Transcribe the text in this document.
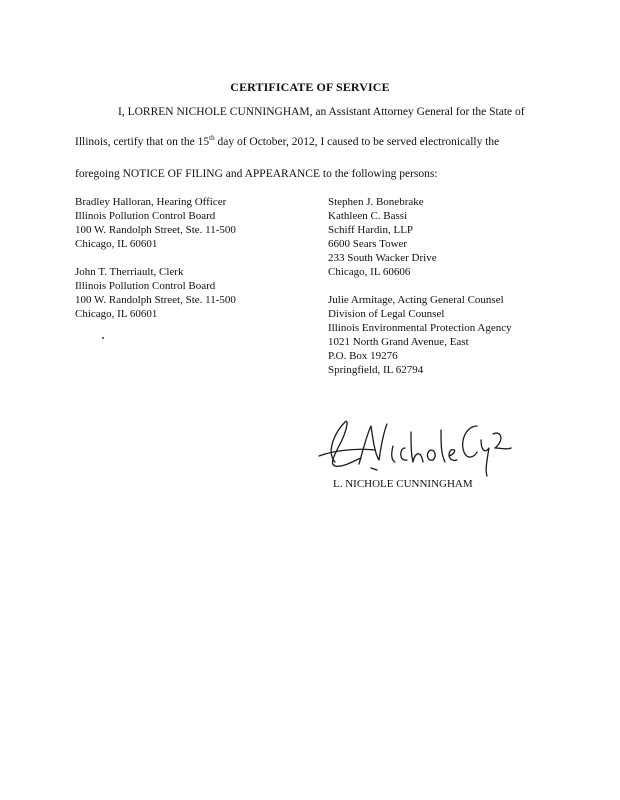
CERTIFICATE OF SERVICE
I, LORREN NICHOLE CUNNINGHAM, an Assistant Attorney General for the State of
Illinois, certify that on the 15th day of October, 2012, I caused to be served electronically the
foregoing NOTICE OF FILING and APPEARANCE to the following persons:
Bradley Halloran, Hearing Officer
Illinois Pollution Control Board
100 W. Randolph Street, Ste. 11-500
Chicago, IL 60601
John T. Therriault, Clerk
Illinois Pollution Control Board
100 W. Randolph Street, Ste. 11-500
Chicago, IL 60601
Stephen J. Bonebrake
Kathleen C. Bassi
Schiff Hardin, LLP
6600 Sears Tower
233 South Wacker Drive
Chicago, IL 60606
Julie Armitage, Acting General Counsel
Division of Legal Counsel
Illinois Environmental Protection Agency
1021 North Grand Avenue, East
P.O. Box 19276
Springfield, IL 62794
L. NICHOLE CUNNINGHAM
